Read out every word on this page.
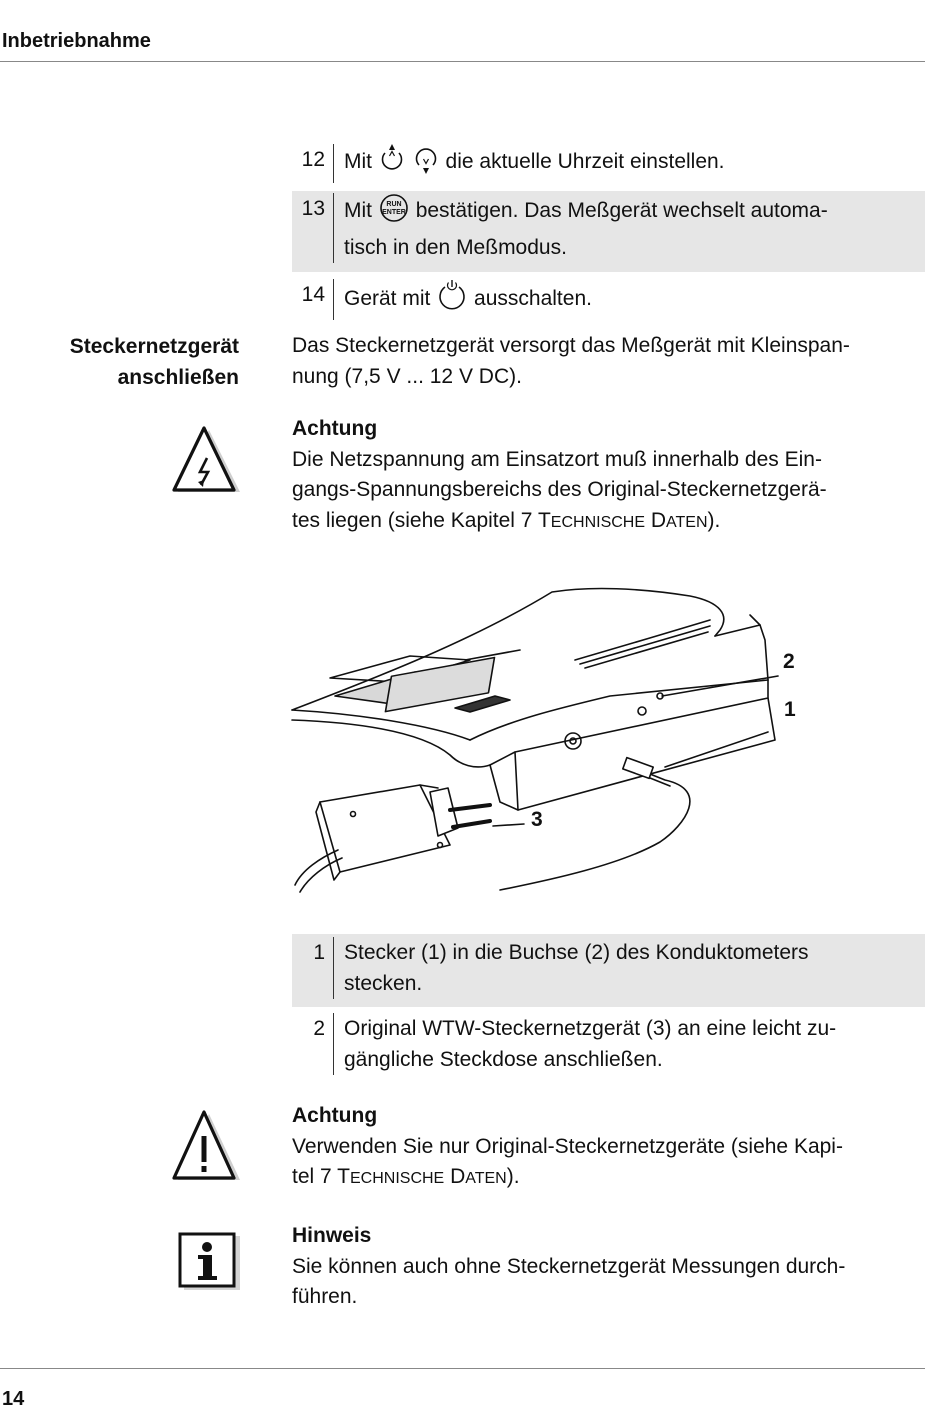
Inbetriebnahme
12 Mit	die aktuelle Uhrzeit einstellen.
13 Mit RUN
ENTER bestätigen. Das Meßgerät wechselt automa-
tisch in den Meßmodus.
14 Gerät mit ausschalten.
Steckernetzgerät
anschließen
Das Steckernetzgerät versorgt das Meßgerät mit Kleinspan-
nung (7,5 V ... 12 V DC).
Achtung
Die Netzspannung am Einsatzort muß innerhalb des Ein-
gangs-Spannungsbereichs des Original-Steckernetzgerä-
tes liegen (siehe Kapitel 7 TECHNISCHE DATEN).
2
1
3
1 Stecker (1) in die Buchse (2) des Konduktometers
stecken.
2 Original WTW-Steckernetzgerät (3) an eine leicht zu-
gängliche Steckdose anschließen.
Achtung
Verwenden Sie nur Original-Steckernetzgeräte (siehe Kapi-
tel 7 TECHNISCHE DATEN).
Hinweis
Sie können auch ohne Steckernetzgerät Messungen durch-
führen.
14
